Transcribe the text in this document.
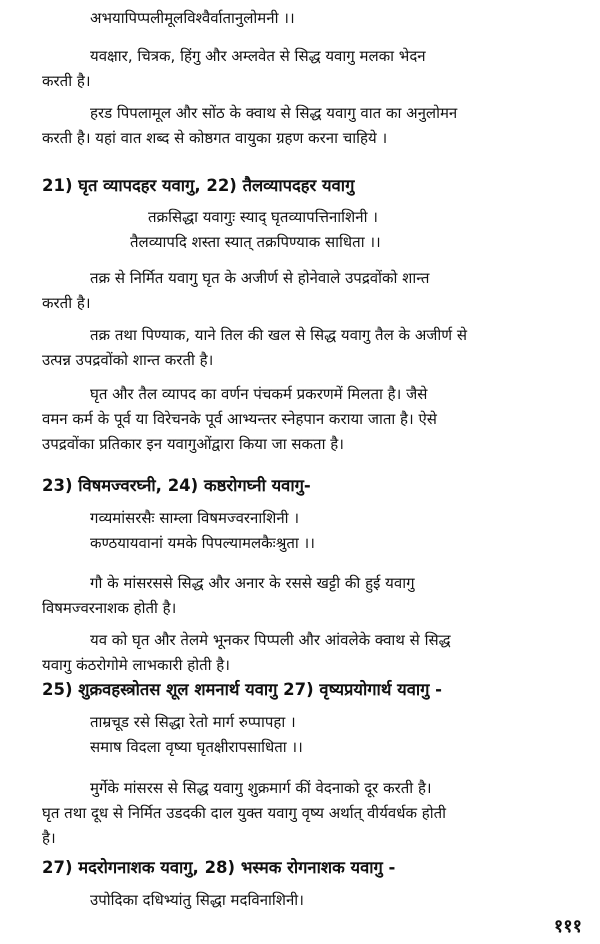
अभयापिप्पलीमूलविश्वैर्वातानुलोमनी ।।
यवक्षार, चित्रक, हिंगु और अम्लवेत से सिद्ध यवागु मलका भेदन
करती है।
हरड पिपलामूल और सोंठ के क्वाथ से सिद्ध यवागु वात का अनुलोमन
करती है। यहां वात शब्द से कोष्ठगत वायुका ग्रहण करना चाहिये ।
21) घृत व्यापदहर यवागु, 22) तैलव्यापदहर यवागु
तक्रसिद्धा यवागुः स्याद् घृतव्यापत्तिनाशिनी ।
तैलव्यापदि शस्ता स्यात् तक्रपिण्याक साधिता ।।
तक्र से निर्मित यवागु घृत के अजीर्ण से होनेवाले उपद्रवोंको शान्त
करती है।
तक्र तथा पिण्याक, याने तिल की खल से सिद्ध यवागु तैल के अजीर्ण से
उत्पन्न उपद्रवोंको शान्त करती है।
घृत और तैल व्यापद का वर्णन पंचकर्म प्रकरणमें मिलता है। जैसे
वमन कर्म के पूर्व या विरेचनके पूर्व आभ्यन्तर स्नेहपान कराया जाता है। ऐसे
उपद्रवोंका प्रतिकार इन यवागुओंद्वारा किया जा सकता है।
23) विषमज्वरघ्नी, 24) कष्ठरोगघ्नी यवागु-
गव्यमांसरसैः साम्ला विषमज्वरनाशिनी ।
कण्ठयायवानां यमके पिपल्यामलकैःश्रुता ।।
गौ के मांसरससे सिद्ध और अनार के रससे खट्टी की हुई यवागु
विषमज्वरनाशक होती है।
यव को घृत और तेलमे भूनकर पिप्पली और आंवलेके क्वाथ से सिद्ध
यवागु कंठरोगोमे लाभकारी होती है।
25) शुक्रवहस्त्रोतस शूल शमनार्थ यवागु 27) वृष्यप्रयोगार्थ यवागु -
ताम्रचूड रसे सिद्धा रेतो मार्ग रुप्पापहा ।
समाष विदला वृष्या घृतक्षीरापसाधिता ।।
मुर्गेके मांसरस से सिद्ध यवागु शुक्रमार्ग कीं वेदनाको दूर करती है।
घृत तथा दूध से निर्मित उडदकी दाल युक्त यवागु वृष्य अर्थात् वीर्यवर्धक होती
है।
27) मदरोगनाशक यवागु, 28) भस्मक रोगनाशक यवागु -
उपोदिका दधिभ्यांतु सिद्धा मदविनाशिनी।
१११
